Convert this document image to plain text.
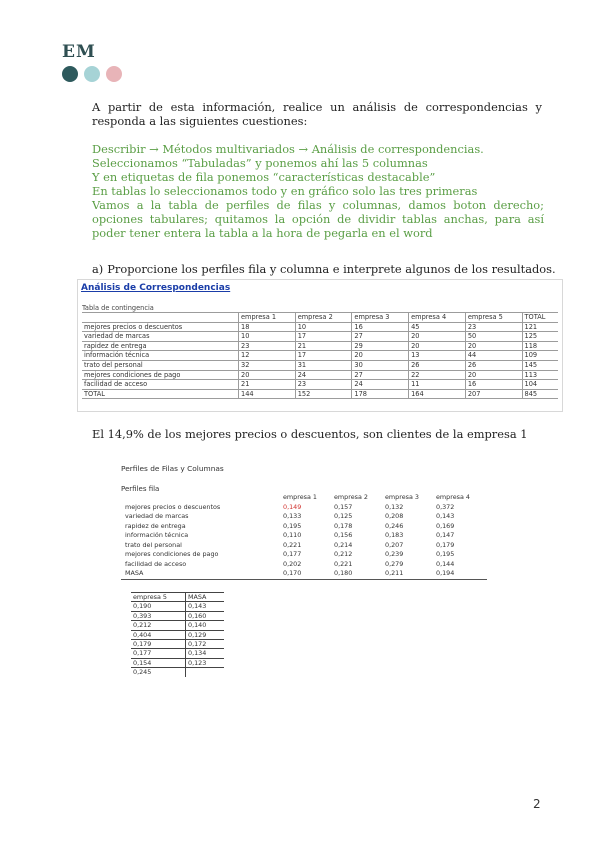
EM
A partir de esta información, realice un análisis de correspondencias y responda a las siguientes cuestiones:

Describir → Métodos multivariados → Análisis de correspondencias.

Seleccionamos “Tabuladas” y ponemos ahí las 5 columnas

Y en etiquetas de fila ponemos “características destacable”

En tablas lo seleccionamos todo y en gráfico solo las tres primeras

Vamos a la tabla de perfiles de filas y columnas, damos boton derecho; opciones tabulares; quitamos la opción de dividir tablas anchas, para así poder tener entera la tabla a la hora de pegarla en el word

a) Proporcione los perfiles fila y columna e interprete algunos de los resultados.
Análisis de Correspondencias
Tabla de contingencia
	empresa 1	empresa 2	empresa 3	empresa 4	empresa 5	TOTAL
mejores precios o descuentos	18	10	16	45	23	121
variedad de marcas	10	17	27	20	50	125
rapidez de entrega	23	21	29	20	20	118
información técnica	12	17	20	13	44	109
trato del personal	32	31	30	26	26	145
mejores condiciones de pago	20	24	27	22	20	113
facilidad de acceso	21	23	24	11	16	104
TOTAL	144	152	178	164	207	845
El 14,9% de los mejores precios o descuentos, son clientes de la empresa 1
Perfiles de Filas y Columnas
Perfiles fila
	empresa 1	empresa 2	empresa 3	empresa 4
mejores precios o descuentos	0,149	0,157	0,132	0,372
variedad de marcas	0,133	0,125	0,208	0,143
rapidez de entrega	0,195	0,178	0,246	0,169
información técnica	0,110	0,156	0,183	0,147
trato del personal	0,221	0,214	0,207	0,179
mejores condiciones de pago	0,177	0,212	0,239	0,195
facilidad de acceso	0,202	0,221	0,279	0,144
MASA	0,170	0,180	0,211	0,194
empresa 5	MASA
0,190	0,143
0,393	0,160
0,212	0,140
0,404	0,129
0,179	0,172
0,177	0,134
0,154	0,123
0,245	
2
